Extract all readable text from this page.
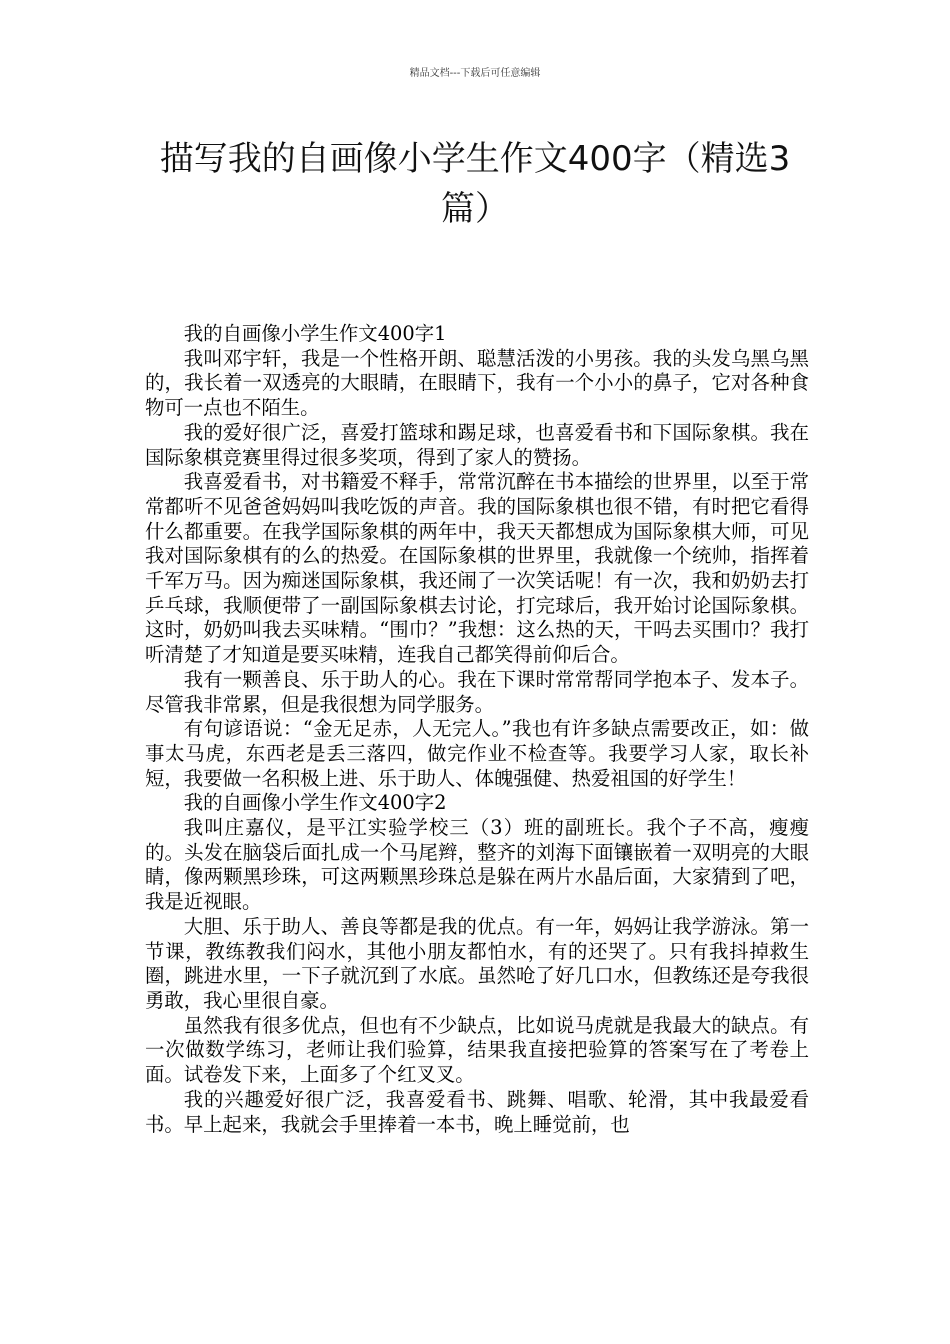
精品文档---下载后可任意编辑
描写我的自画像小学生作文400字（精选3篇）

我的自画像小学生作文400字1

我叫邓宇轩，我是一个性格开朗、聪慧活泼的小男孩。我的头发乌黑乌黑的，我长着一双透亮的大眼睛，在眼睛下，我有一个小小的鼻子，它对各种食物可一点也不陌生。

我的爱好很广泛，喜爱打篮球和踢足球，也喜爱看书和下国际象棋。我在国际象棋竞赛里得过很多奖项，得到了家人的赞扬。

我喜爱看书，对书籍爱不释手，常常沉醉在书本描绘的世界里，以至于常常都听不见爸爸妈妈叫我吃饭的声音。我的国际象棋也很不错，有时把它看得什么都重要。在我学国际象棋的两年中，我天天都想成为国际象棋大师，可见我对国际象棋有的么的热爱。在国际象棋的世界里，我就像一个统帅，指挥着千军万马。因为痴迷国际象棋，我还闹了一次笑话呢！有一次，我和奶奶去打乒乓球，我顺便带了一副国际象棋去讨论，打完球后，我开始讨论国际象棋。这时，奶奶叫我去买味精。“围巾？”我想：这么热的天，干吗去买围巾？我打听清楚了才知道是要买味精，连我自己都笑得前仰后合。

我有一颗善良、乐于助人的心。我在下课时常常帮同学抱本子、发本子。尽管我非常累，但是我很想为同学服务。

有句谚语说：“金无足赤，人无完人。”我也有许多缺点需要改正，如：做事太马虎，东西老是丢三落四，做完作业不检查等。我要学习人家，取长补短，我要做一名积极上进、乐于助人、体魄强健、热爱祖国的好学生！

我的自画像小学生作文400字2

我叫庄嘉仪，是平江实验学校三（3）班的副班长。我个子不高，瘦瘦的。头发在脑袋后面扎成一个马尾辫，整齐的刘海下面镶嵌着一双明亮的大眼睛，像两颗黑珍珠，可这两颗黑珍珠总是躲在两片水晶后面，大家猜到了吧，我是近视眼。

大胆、乐于助人、善良等都是我的优点。有一年，妈妈让我学游泳。第一节课，教练教我们闷水，其他小朋友都怕水，有的还哭了。只有我抖掉救生圈，跳进水里，一下子就沉到了水底。虽然呛了好几口水，但教练还是夸我很勇敢，我心里很自豪。

虽然我有很多优点，但也有不少缺点，比如说马虎就是我最大的缺点。有一次做数学练习，老师让我们验算，结果我直接把验算的答案写在了考卷上面。试卷发下来，上面多了个红叉叉。

我的兴趣爱好很广泛，我喜爱看书、跳舞、唱歌、轮滑，其中我最爱看书。早上起来，我就会手里捧着一本书，晚上睡觉前，也
